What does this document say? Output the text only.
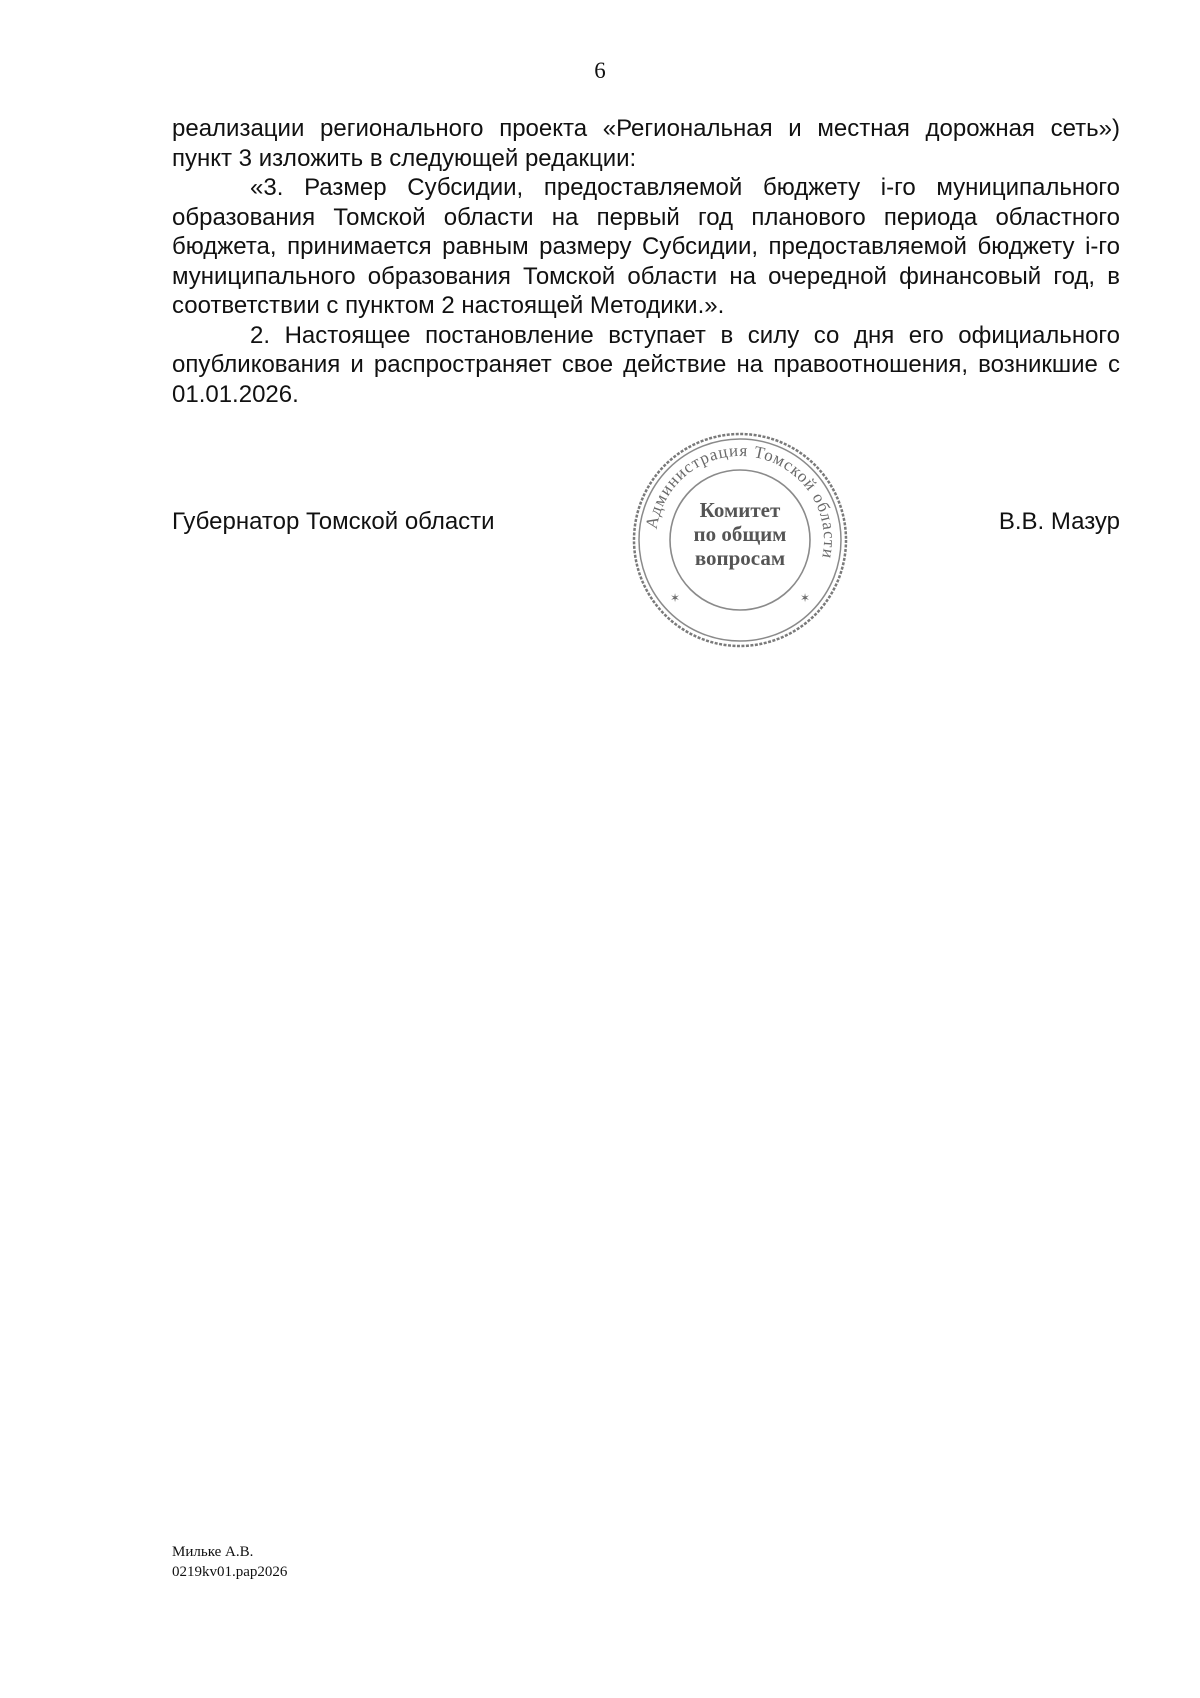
6

реализации регионального проекта «Региональная и местная дорожная сеть») пункт 3 изложить в следующей редакции:

«3. Размер Субсидии, предоставляемой бюджету i-го муниципального образования Томской области на первый год планового периода областного бюджета, принимается равным размеру Субсидии, предоставляемой бюджету i-го муниципального образования Томской области на очередной финансовый год, в соответствии с пунктом 2 настоящей Методики.».

2. Настоящее постановление вступает в силу со дня его официального опубликования и распространяет свое действие на правоотношения, возникшие с 01.01.2026.

Губернатор Томской области	В.В. Мазур
Администрация Томской области
✶	✶
Комитет
по общим
вопросам
Мильке А.В.
0219kv01.pap2026
